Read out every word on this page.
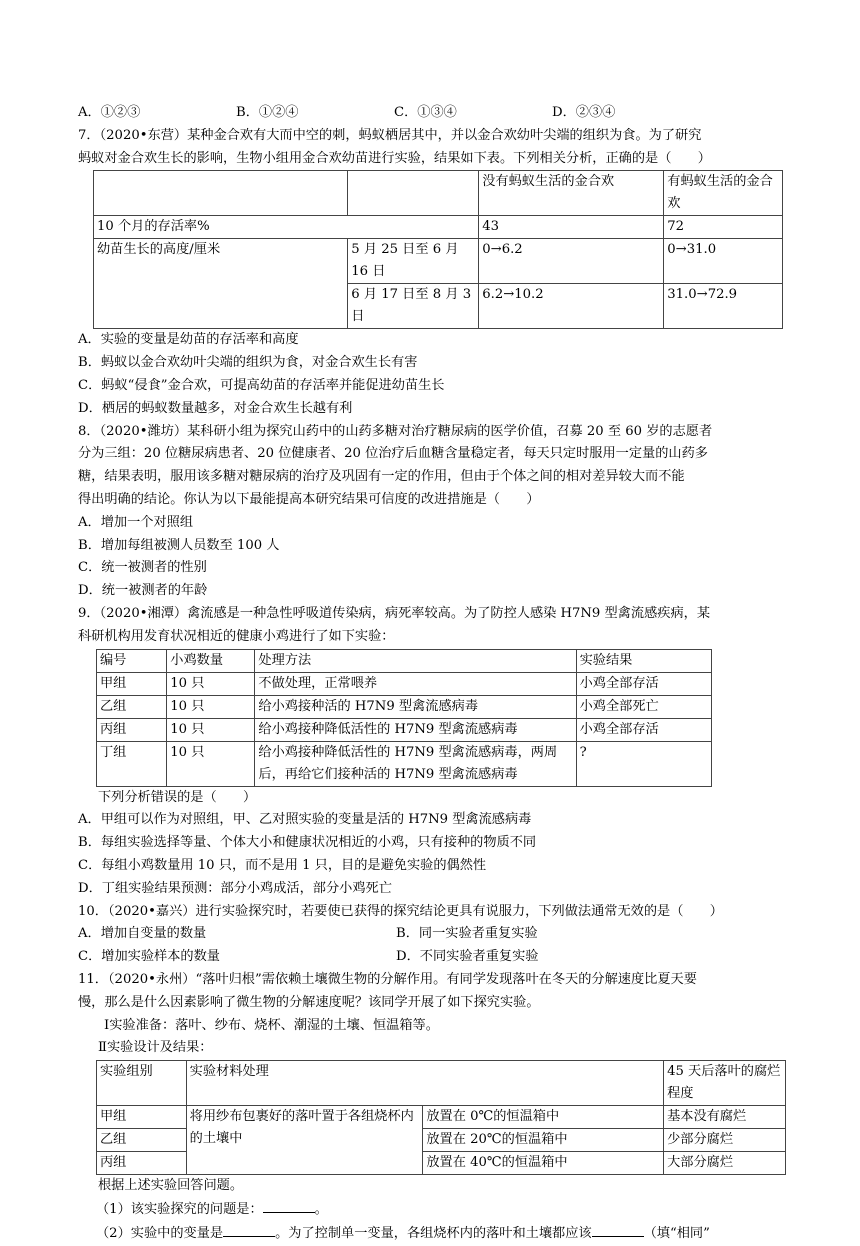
A．①②③	B．①②④	C．①③④	D．②③④
7．（2020•东营）某种金合欢有大而中空的刺，蚂蚁栖居其中，并以金合欢幼叶尖端的组织为食。为了研究
蚂蚁对金合欢生长的影响，生物小组用金合欢幼苗进行实验，结果如下表。下列相关分析，正确的是（　　）
		没有蚂蚁生活的金合欢	有蚂蚁生活的金合欢
10 个月的存活率%		43	72
幼苗生长的高度/厘米	5 月 25 日至 6 月 16 日	0→6.2	0→31.0
	6 月 17 日至 8 月 3 日	6.2→10.2	31.0→72.9
A．实验的变量是幼苗的存活率和高度
B．蚂蚁以金合欢幼叶尖端的组织为食，对金合欢生长有害
C．蚂蚁“侵食”金合欢，可提高幼苗的存活率并能促进幼苗生长
D．栖居的蚂蚁数量越多，对金合欢生长越有利
8．（2020•潍坊）某科研小组为探究山药中的山药多糖对治疗糖尿病的医学价值，召募 20 至 60 岁的志愿者
分为三组：20 位糖尿病患者、20 位健康者、20 位治疗后血糖含量稳定者，每天只定时服用一定量的山药多
糖，结果表明，服用该多糖对糖尿病的治疗及巩固有一定的作用，但由于个体之间的相对差异较大而不能
得出明确的结论。你认为以下最能提高本研究结果可信度的改进措施是（　　）
A．增加一个对照组
B．增加每组被测人员数至 100 人
C．统一被测者的性别
D．统一被测者的年龄
9．（2020•湘潭）禽流感是一种急性呼吸道传染病，病死率较高。为了防控人感染 H7N9 型禽流感疾病，某
科研机构用发育状况相近的健康小鸡进行了如下实验：
编号	小鸡数量	处理方法	实验结果
甲组	10 只	不做处理，正常喂养	小鸡全部存活
乙组	10 只	给小鸡接种活的 H7N9 型禽流感病毒	小鸡全部死亡
丙组	10 只	给小鸡接种降低活性的 H7N9 型禽流感病毒	小鸡全部存活
丁组	10 只	给小鸡接种降低活性的 H7N9 型禽流感病毒，两周后，再给它们接种活的 H7N9 型禽流感病毒	?
下列分析错误的是（　　）
A．甲组可以作为对照组，甲、乙对照实验的变量是活的 H7N9 型禽流感病毒
B．每组实验选择等量、个体大小和健康状况相近的小鸡，只有接种的物质不同
C．每组小鸡数量用 10 只，而不是用 1 只，目的是避免实验的偶然性
D．丁组实验结果预测：部分小鸡成活，部分小鸡死亡
10．（2020•嘉兴）进行实验探究时，若要使已获得的探究结论更具有说服力，下列做法通常无效的是（　　）
A．增加自变量的数量	B．同一实验者重复实验
C．增加实验样本的数量	D．不同实验者重复实验
11．（2020•永州）“落叶归根”需依赖土壤微生物的分解作用。有同学发现落叶在冬天的分解速度比夏天要
慢，那么是什么因素影响了微生物的分解速度呢？该同学开展了如下探究实验。
Ⅰ实验准备：落叶、纱布、烧杯、潮湿的土壤、恒温箱等。
Ⅱ实验设计及结果：
实验组别	实验材料处理		45 天后落叶的腐烂程度
甲组	将用纱布包裹好的落叶置于各组烧杯内的土壤中	放置在 0℃的恒温箱中	基本没有腐烂
乙组		放置在 20℃的恒温箱中	少部分腐烂
丙组		放置在 40℃的恒温箱中	大部分腐烂
根据上述实验回答问题。
（1）该实验探究的问题是：	。
（2）实验中的变量是	。为了控制单一变量，各组烧杯内的落叶和土壤都应该	（填“相同”
